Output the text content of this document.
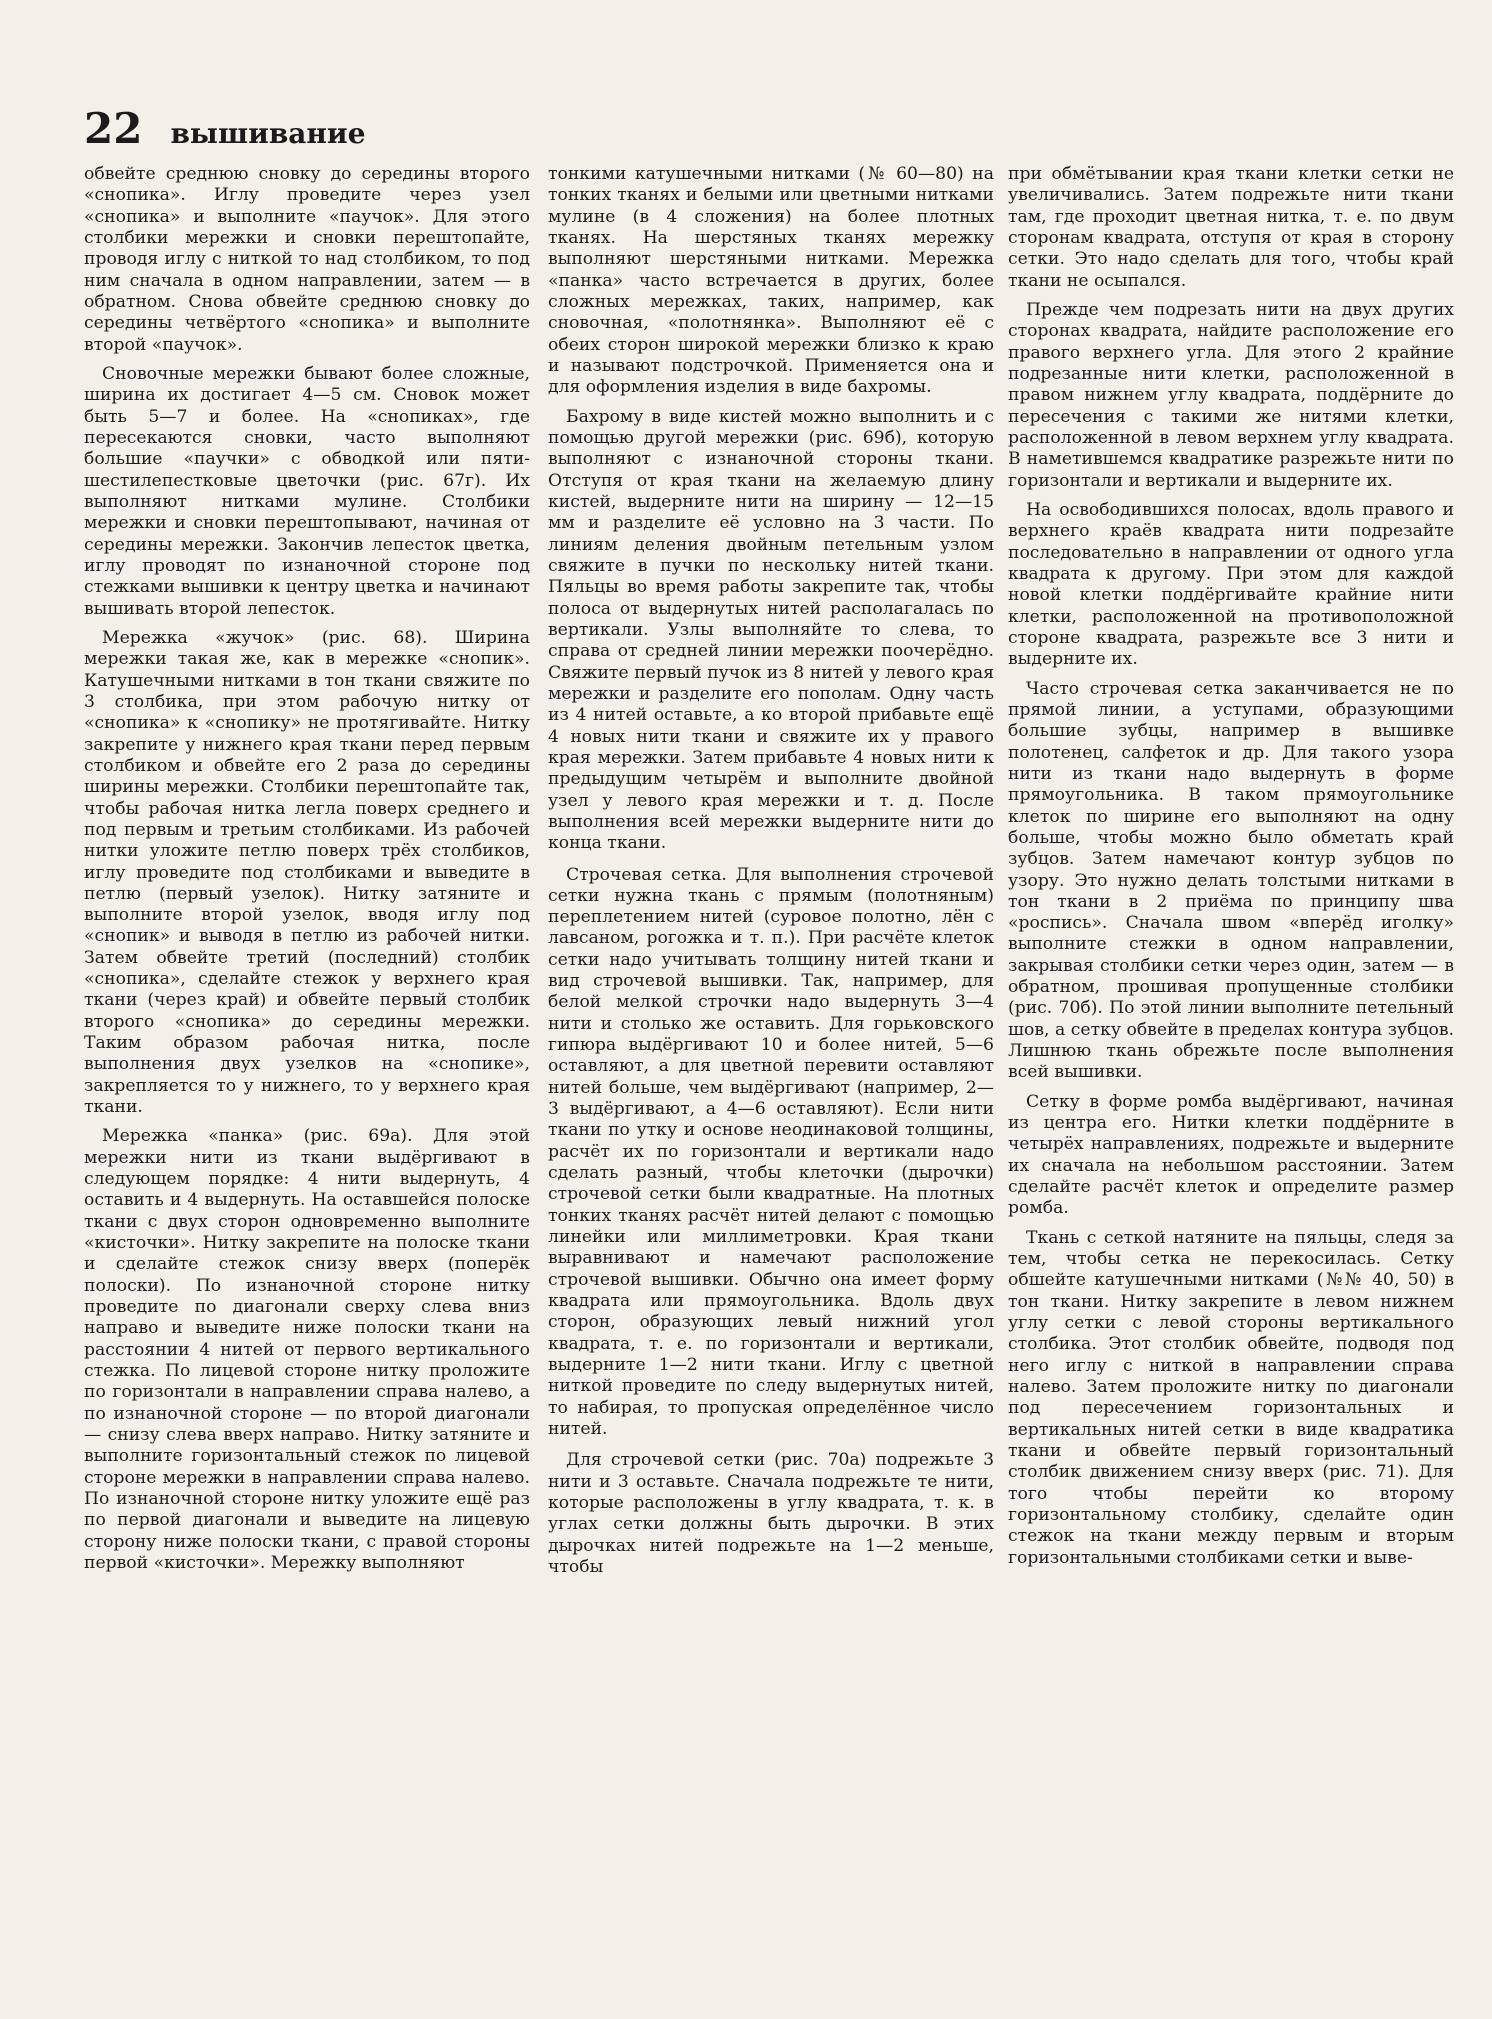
22 вышивание

обвейте среднюю сновку до середины второго «снопика». Иглу проведите через узел «снопика» и выполните «паучок». Для этого столбики мережки и сновки перештопайте, проводя иглу с ниткой то над столбиком, то под ним сначала в одном направлении, затем — в обратном. Снова обвейте среднюю сновку до середины четвёртого «снопика» и выполните второй «паучок».

Сновочные мережки бывают более сложные, ширина их достигает 4—5 см. Сновок может быть 5—7 и более. На «снопиках», где пересекаются сновки, часто выполняют большие «паучки» с обводкой или пяти-шестилепестковые цветочки (рис. 67г). Их выполняют нитками мулине. Столбики мережки и сновки перештопывают, начиная от середины мережки. Закончив лепесток цветка, иглу проводят по изнаночной стороне под стежками вышивки к центру цветка и начинают вышивать второй лепесток.

Мережка «жучок» (рис. 68). Ширина мережки такая же, как в мережке «снопик». Катушечными нитками в тон ткани свяжите по 3 столбика, при этом рабочую нитку от «снопика» к «снопику» не протягивайте. Нитку закрепите у нижнего края ткани перед первым столбиком и обвейте его 2 раза до середины ширины мережки. Столбики перештопайте так, чтобы рабочая нитка легла поверх среднего и под первым и третьим столбиками. Из рабочей нитки уложите петлю поверх трёх столбиков, иглу проведите под столбиками и выведите в петлю (первый узелок). Нитку затяните и выполните второй узелок, вводя иглу под «снопик» и выводя в петлю из рабочей нитки. Затем обвейте третий (последний) столбик «снопика», сделайте стежок у верхнего края ткани (через край) и обвейте первый столбик второго «снопика» до середины мережки. Таким образом рабочая нитка, после выполнения двух узелков на «снопике», закрепляется то у нижнего, то у верхнего края ткани.

Мережка «панка» (рис. 69а). Для этой мережки нити из ткани выдёргивают в следующем порядке: 4 нити выдернуть, 4 оставить и 4 выдернуть. На оставшейся полоске ткани с двух сторон одновременно выполните «кисточки». Нитку закрепите на полоске ткани и сделайте стежок снизу вверх (поперёк полоски). По изнаночной стороне нитку проведите по диагонали сверху слева вниз направо и выведите ниже полоски ткани на расстоянии 4 нитей от первого вертикального стежка. По лицевой стороне нитку проложите по горизонтали в направлении справа налево, а по изнаночной стороне — по второй диагонали — снизу слева вверх направо. Нитку затяните и выполните горизонтальный стежок по лицевой стороне мережки в направлении справа налево. По изнаночной стороне нитку уложите ещё раз по первой диагонали и выведите на лицевую сторону ниже полоски ткани, с правой стороны первой «кисточки». Мережку выполняют

тонкими катушечными нитками (№ 60—80) на тонких тканях и белыми или цветными нитками мулине (в 4 сложения) на более плотных тканях. На шерстяных тканях мережку выполняют шерстяными нитками. Мережка «панка» часто встречается в других, более сложных мережках, таких, например, как сновочная, «полотнянка». Выполняют её с обеих сторон широкой мережки близко к краю и называют подстрочкой. Применяется она и для оформления изделия в виде бахромы.

Бахрому в виде кистей можно выполнить и с помощью другой мережки (рис. 69б), которую выполняют с изнаночной стороны ткани. Отступя от края ткани на желаемую длину кистей, выдерните нити на ширину — 12—15 мм и разделите её условно на 3 части. По линиям деления двойным петельным узлом свяжите в пучки по нескольку нитей ткани. Пяльцы во время работы закрепите так, чтобы полоса от выдернутых нитей располагалась по вертикали. Узлы выполняйте то слева, то справа от средней линии мережки поочерёдно. Свяжите первый пучок из 8 нитей у левого края мережки и разделите его пополам. Одну часть из 4 нитей оставьте, а ко второй прибавьте ещё 4 новых нити ткани и свяжите их у правого края мережки. Затем прибавьте 4 новых нити к предыдущим четырём и выполните двойной узел у левого края мережки и т. д. После выполнения всей мережки выдерните нити до конца ткани.

Строчевая сетка. Для выполнения строчевой сетки нужна ткань с прямым (полотняным) переплетением нитей (суровое полотно, лён с лавсаном, рогожка и т. п.). При расчёте клеток сетки надо учитывать толщину нитей ткани и вид строчевой вышивки. Так, например, для белой мелкой строчки надо выдернуть 3—4 нити и столько же оставить. Для горьковского гипюра выдёргивают 10 и более нитей, 5—6 оставляют, а для цветной перевити оставляют нитей больше, чем выдёргивают (например, 2—3 выдёргивают, а 4—6 оставляют). Если нити ткани по утку и основе неодинаковой толщины, расчёт их по горизонтали и вертикали надо сделать разный, чтобы клеточки (дырочки) строчевой сетки были квадратные. На плотных тонких тканях расчёт нитей делают с помощью линейки или миллиметровки. Края ткани выравнивают и намечают расположение строчевой вышивки. Обычно она имеет форму квадрата или прямоугольника. Вдоль двух сторон, образующих левый нижний угол квадрата, т. е. по горизонтали и вертикали, выдерните 1—2 нити ткани. Иглу с цветной ниткой проведите по следу выдернутых нитей, то набирая, то пропуская определённое число нитей.

Для строчевой сетки (рис. 70а) подрежьте 3 нити и 3 оставьте. Сначала подрежьте те нити, которые расположены в углу квадрата, т. к. в углах сетки должны быть дырочки. В этих дырочках нитей подрежьте на 1—2 меньше, чтобы

при обмётывании края ткани клетки сетки не увеличивались. Затем подрежьте нити ткани там, где проходит цветная нитка, т. е. по двум сторонам квадрата, отступя от края в сторону сетки. Это надо сделать для того, чтобы край ткани не осыпался.

Прежде чем подрезать нити на двух других сторонах квадрата, найдите расположение его правого верхнего угла. Для этого 2 крайние подрезанные нити клетки, расположенной в правом нижнем углу квадрата, поддёрните до пересечения с такими же нитями клетки, расположенной в левом верхнем углу квадрата. В наметившемся квадратике разрежьте нити по горизонтали и вертикали и выдерните их.

На освободившихся полосах, вдоль правого и верхнего краёв квадрата нити подрезайте последовательно в направлении от одного угла квадрата к другому. При этом для каждой новой клетки поддёргивайте крайние нити клетки, расположенной на противоположной стороне квадрата, разрежьте все 3 нити и выдерните их.

Часто строчевая сетка заканчивается не по прямой линии, а уступами, образующими большие зубцы, например в вышивке полотенец, салфеток и др. Для такого узора нити из ткани надо выдернуть в форме прямоугольника. В таком прямоугольнике клеток по ширине его выполняют на одну больше, чтобы можно было обметать край зубцов. Затем намечают контур зубцов по узору. Это нужно делать толстыми нитками в тон ткани в 2 приёма по принципу шва «роспись». Сначала швом «вперёд иголку» выполните стежки в одном направлении, закрывая столбики сетки через один, затем — в обратном, прошивая пропущенные столбики (рис. 70б). По этой линии выполните петельный шов, а сетку обвейте в пределах контура зубцов. Лишнюю ткань обрежьте после выполнения всей вышивки.

Сетку в форме ромба выдёргивают, начиная из центра его. Нитки клетки поддёрните в четырёх направлениях, подрежьте и выдерните их сначала на небольшом расстоянии. Затем сделайте расчёт клеток и определите размер ромба.

Ткань с сеткой натяните на пяльцы, следя за тем, чтобы сетка не перекосилась. Сетку обшейте катушечными нитками (№№ 40, 50) в тон ткани. Нитку закрепите в левом нижнем углу сетки с левой стороны вертикального столбика. Этот столбик обвейте, подводя под него иглу с ниткой в направлении справа налево. Затем проложите нитку по диагонали под пересечением горизонтальных и вертикальных нитей сетки в виде квадратика ткани и обвейте первый горизонтальный столбик движением снизу вверх (рис. 71). Для того чтобы перейти ко второму горизонтальному столбику, сделайте один стежок на ткани между первым и вторым горизонтальными столбиками сетки и выве-
